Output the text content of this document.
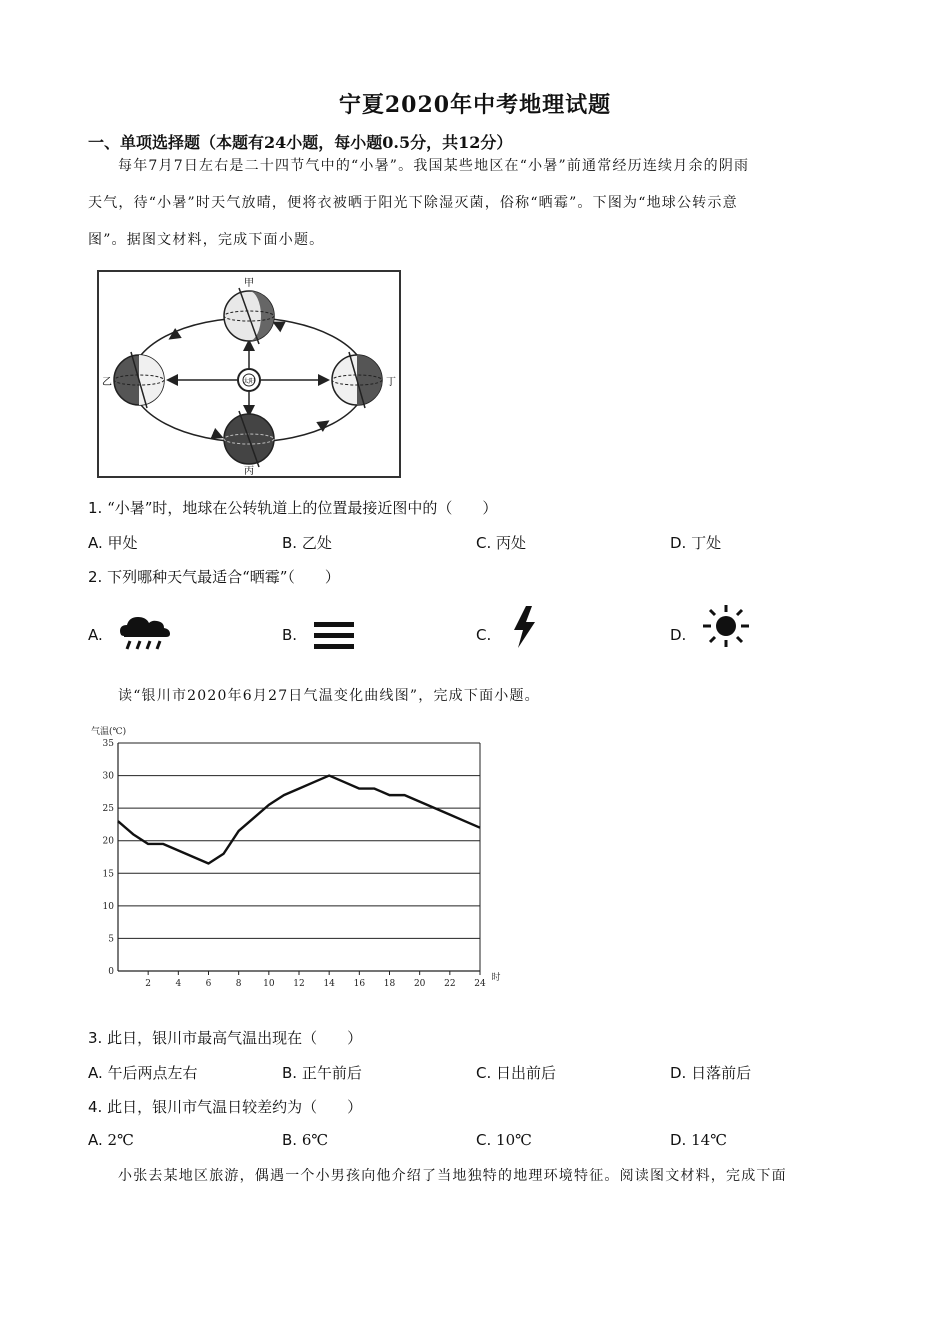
宁夏2020年中考地理试题
一、单项选择题（本题有24小题，每小题0.5分，共12分）
每年7月7日左右是二十四节气中的“小暑”。我国某些地区在“小暑”前通常经历连续月余的阴雨
天气，待“小暑”时天气放晴，便将衣被晒于阳光下除湿灭菌，俗称“晒霉”。下图为“地球公转示意
图”。据图文材料，完成下面小题。
甲
乙
丙
丁
太阳
1. “小暑”时，地球在公转轨道上的位置最接近图中的（　　）
A. 甲处	B. 乙处	C. 丙处	D. 丁处
2. 下列哪种天气最适合“晒霉”（　　）
A.	B.	C.	D.
读“银川市2020年6月27日气温变化曲线图”，完成下面小题。
0
5
10
15
20
25
30
35
2	4	6	8 10 12 14 16 18 20 22 24
气温(℃)
时
3. 此日，银川市最高气温出现在（　　）
A. 午后两点左右	B. 正午前后	C. 日出前后	D. 日落前后
4. 此日，银川市气温日较差约为（　　）
A. 2℃	B. 6℃	C. 10℃	D. 14℃
小张去某地区旅游，偶遇一个小男孩向他介绍了当地独特的地理环境特征。阅读图文材料，完成下面
